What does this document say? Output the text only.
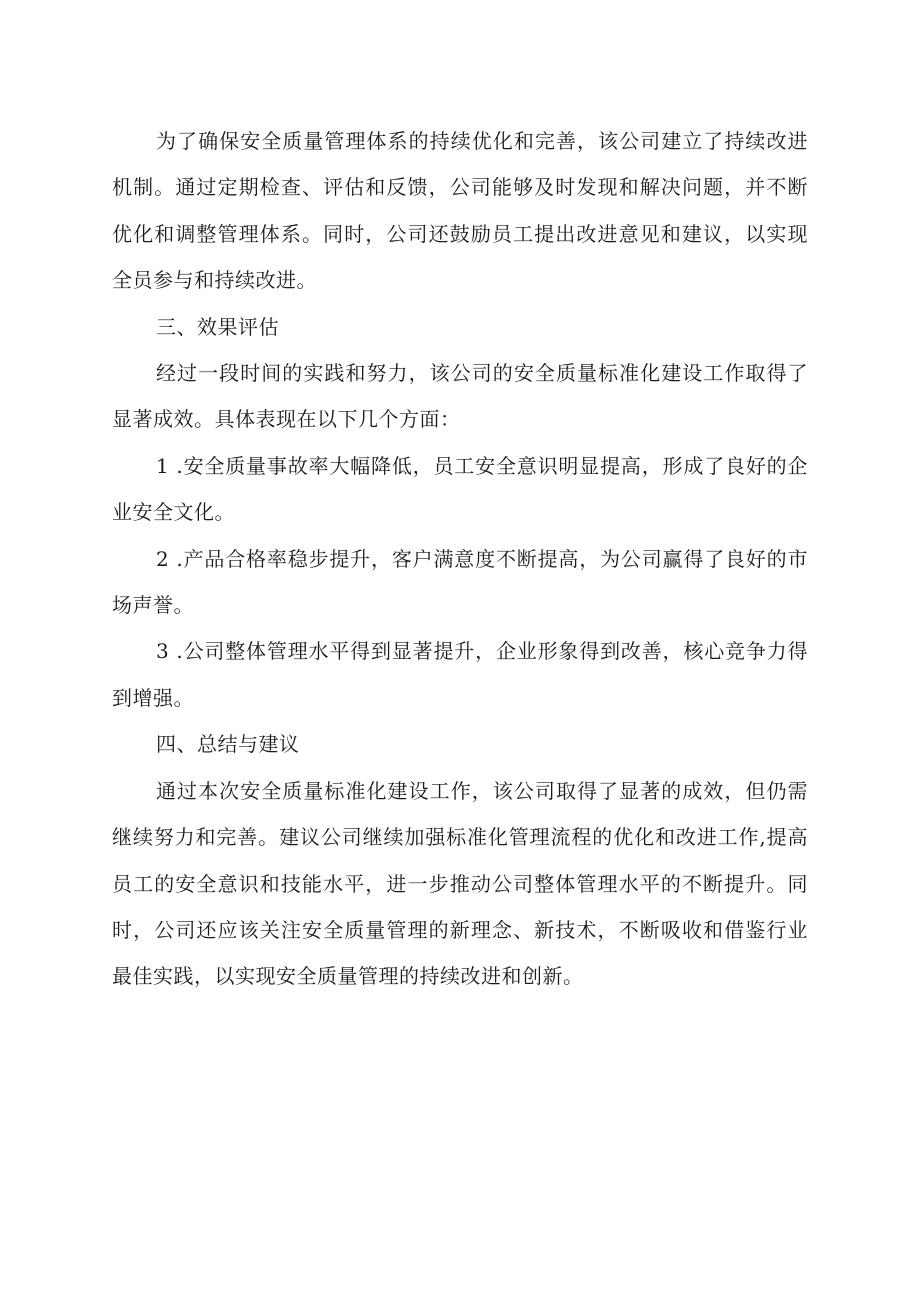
为了确保安全质量管理体系的持续优化和完善，该公司建立了持续改进机制。通过定期检查、评估和反馈，公司能够及时发现和解决问题，并不断优化和调整管理体系。同时，公司还鼓励员工提出改进意见和建议，以实现全员参与和持续改进。

三、效果评估

经过一段时间的实践和努力，该公司的安全质量标准化建设工作取得了显著成效。具体表现在以下几个方面：

1 .安全质量事故率大幅降低，员工安全意识明显提高，形成了良好的企业安全文化。

2 .产品合格率稳步提升，客户满意度不断提高，为公司赢得了良好的市场声誉。

3 .公司整体管理水平得到显著提升，企业形象得到改善，核心竞争力得到增强。

四、总结与建议

通过本次安全质量标准化建设工作，该公司取得了显著的成效，但仍需继续努力和完善。建议公司继续加强标准化管理流程的优化和改进工作,提高员工的安全意识和技能水平，进一步推动公司整体管理水平的不断提升。同时，公司还应该关注安全质量管理的新理念、新技术，不断吸收和借鉴行业最佳实践，以实现安全质量管理的持续改进和创新。
